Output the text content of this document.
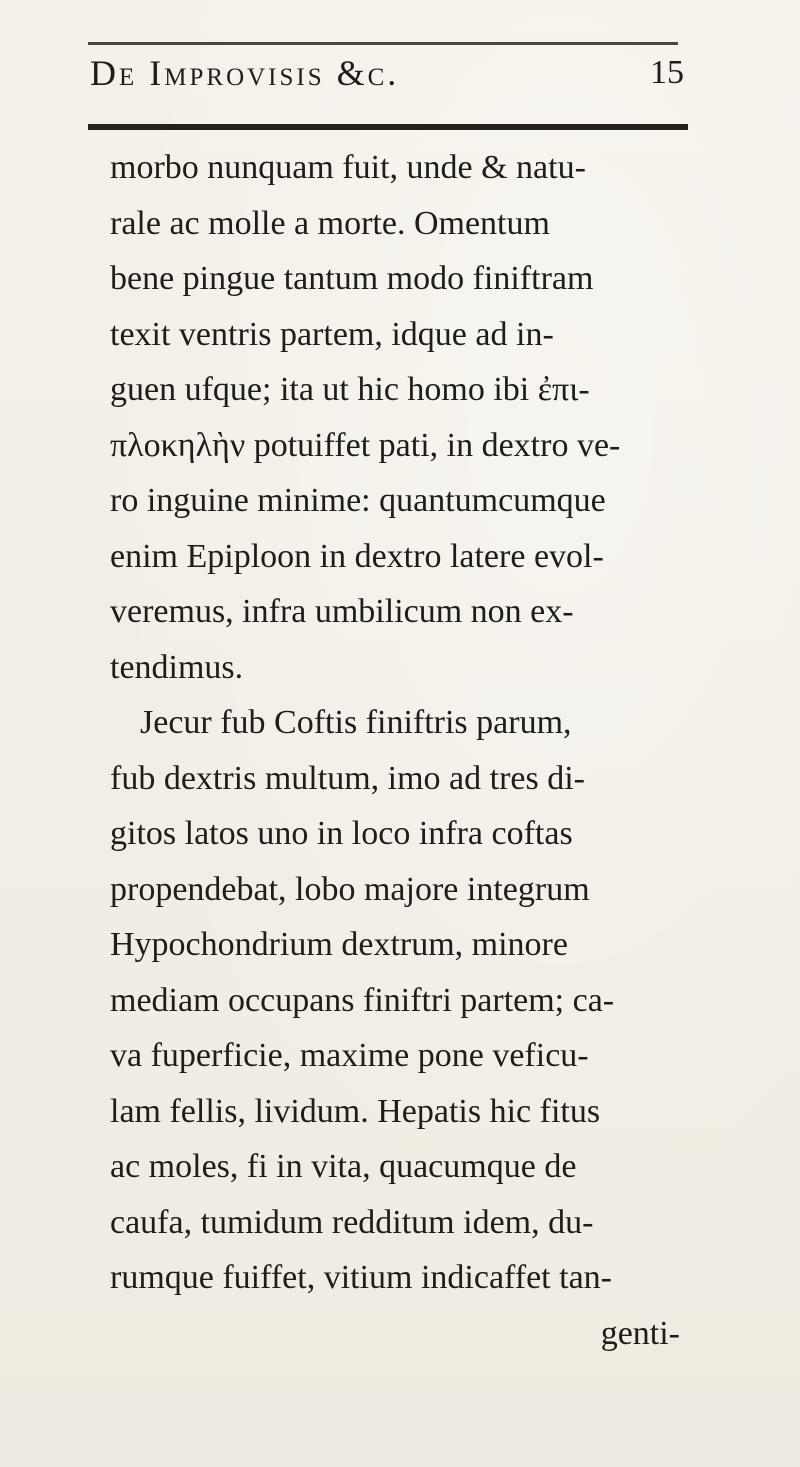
De Improvisis &c.	15
morbo nunquam fuit, unde & natu-
rale ac molle a morte. Omentum
bene pingue tantum modo finiftram
texit ventris partem, idque ad in-
guen ufque; ita ut hic homo ibi ἐπι-
πλοκηλὴν potuiffet pati, in dextro ve-
ro inguine minime: quantumcumque
enim Epiploon in dextro latere evol-
veremus, infra umbilicum non ex-
tendimus.
Jecur fub Coftis finiftris parum,
fub dextris multum, imo ad tres di-
gitos latos uno in loco infra coftas
propendebat, lobo majore integrum
Hypochondrium dextrum, minore
mediam occupans finiftri partem; ca-
va fuperficie, maxime pone veficu-
lam fellis, lividum. Hepatis hic fitus
ac moles, fi in vita, quacumque de
caufa, tumidum redditum idem, du-
rumque fuiffet, vitium indicaffet tan-
genti-
